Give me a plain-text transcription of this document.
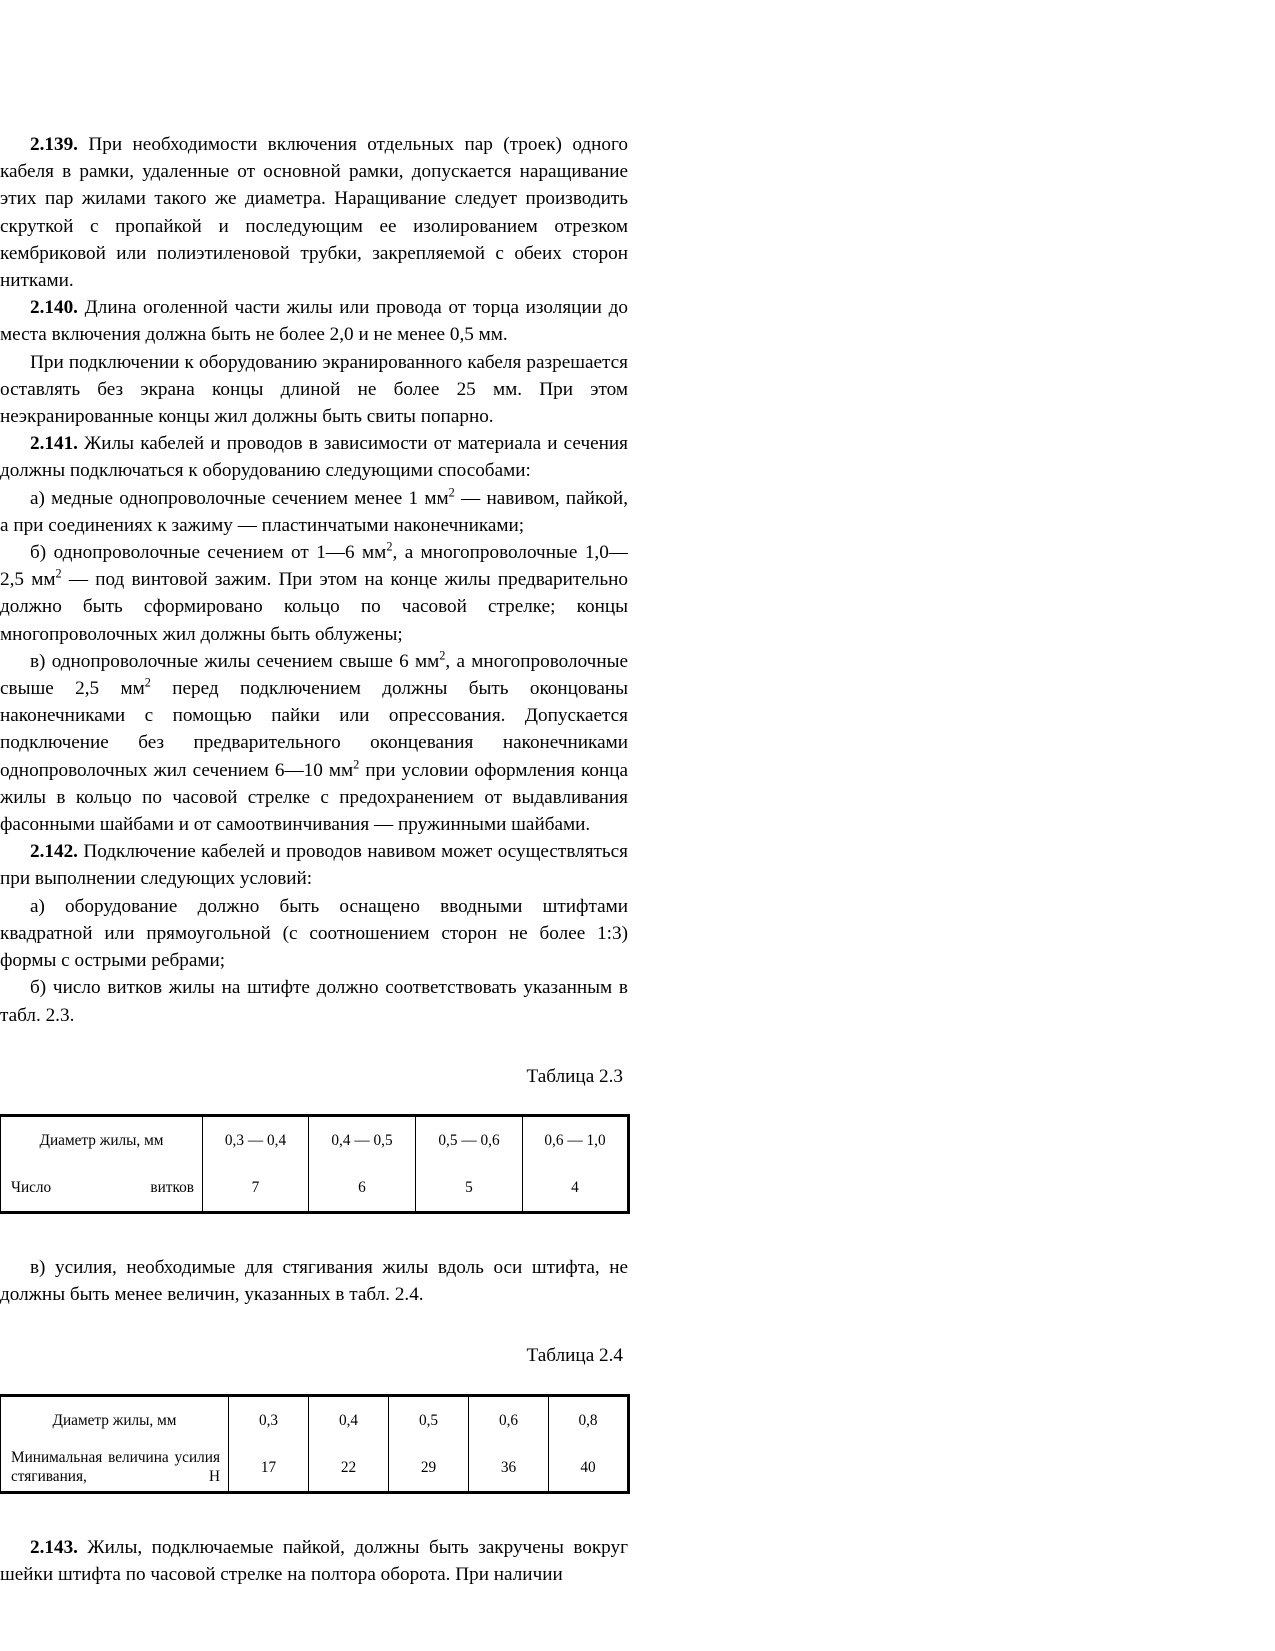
2.139. При необходимости включения отдельных пар (троек) одного кабеля в рамки, удаленные от основной рамки, допускается наращивание этих пар жилами такого же диаметра. Наращивание следует производить скруткой с пропайкой и последующим ее изолированием отрезком кембриковой или полиэтиленовой трубки, закрепляемой с обеих сторон нитками.

2.140. Длина оголенной части жилы или провода от торца изоляции до места включения должна быть не более 2,0 и не менее 0,5 мм.

При подключении к оборудованию экранированного кабеля разрешается оставлять без экрана концы длиной не более 25 мм. При этом неэкранированные концы жил должны быть свиты попарно.

2.141. Жилы кабелей и проводов в зависимости от материала и сечения должны подключаться к оборудованию следующими способами:

а) медные однопроволочные сечением менее 1 $мм^2$ — навивом, пайкой, а при соединениях к зажиму — пластинчатыми наконечниками;

б) однопроволочные сечением от 1—6 $мм^2$, а многопроволочные 1,0—2,5 $мм^2$ — под винтовой зажим. При этом на конце жилы предварительно должно быть сформировано кольцо по часовой стрелке; концы многопроволочных жил должны быть облужены;

в) однопроволочные жилы сечением свыше 6 $мм^2$, а многопроволочные свыше 2,5 $мм^2$ перед подключением должны быть оконцованы наконечниками с помощью пайки или опрессования. Допускается подключение без предварительного оконцевания наконечниками однопроволочных жил сечением 6—10 $мм^2$ при условии оформления конца жилы в кольцо по часовой стрелке с предохранением от выдавливания фасонными шайбами и от самоотвинчивания — пружинными шайбами.

2.142. Подключение кабелей и проводов навивом может осуществляться при выполнении следующих условий:

а) оборудование должно быть оснащено вводными штифтами квадратной или прямоугольной (с соотношением сторон не более 1:3) формы с острыми ребрами;

б) число витков жилы на штифте должно соответствовать указанным в табл. 2.3.

Таблица 2.3

Диаметр жилы, мм	0,3 — 0,4	0,4 — 0,5	0,5 — 0,6	0,6 — 1,0
Число витков	7	6	5	4

в) усилия, необходимые для стягивания жилы вдоль оси штифта, не должны быть менее величин, указанных в табл. 2.4.

Таблица 2.4

Диаметр жилы, мм	0,3	0,4	0,5	0,6	0,8
Минимальная величина усилия стягивания, Н	17	22	29	36	40

2.143. Жилы, подключаемые пайкой, должны быть закручены вокруг шейки штифта по часовой стрелке на полтора оборота. При наличии
